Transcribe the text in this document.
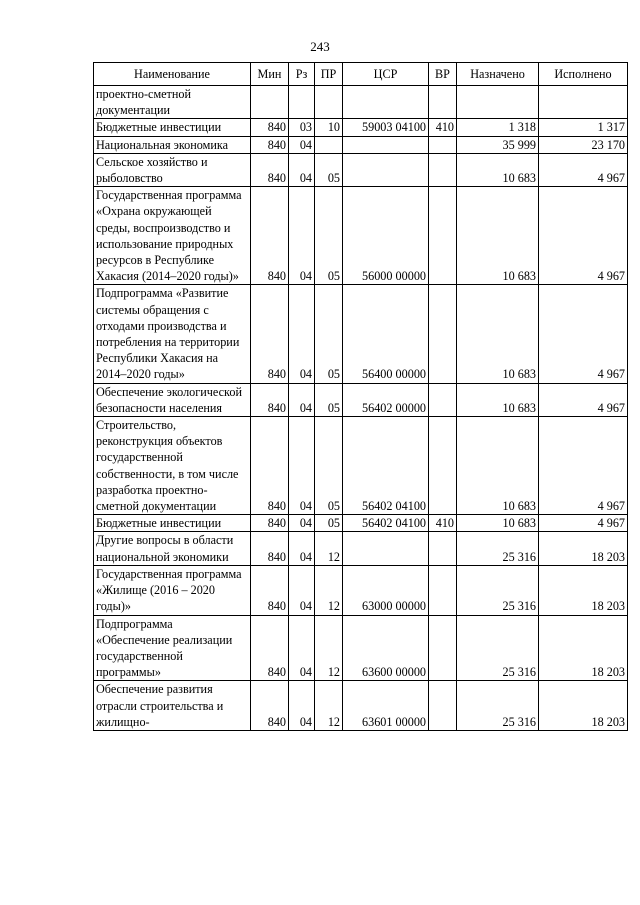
243
Наименование	Мин	Рз	ПР	ЦСР	ВР	Назначено	Исполнено
проектно-сметной документации							
Бюджетные инвестиции	840	03	10	59003 04100	410	1 318	1 317
Национальная экономика	840	04				35 999	23 170
Сельское хозяйство и рыболовство	840	04	05			10 683	4 967
Государственная программа «Охрана окружающей среды, воспроизводство и использование природных ресурсов в Республике Хакасия (2014–2020 годы)»	840	04	05	56000 00000		10 683	4 967
Подпрограмма «Развитие системы обращения с отходами производства и потребления на территории Республики Хакасия на 2014–2020 годы»	840	04	05	56400 00000		10 683	4 967
Обеспечение экологической безопасности населения	840	04	05	56402 00000		10 683	4 967
Строительство, реконструкция объектов государственной собственности, в том числе разработка проектно-сметной документации	840	04	05	56402 04100		10 683	4 967
Бюджетные инвестиции	840	04	05	56402 04100	410	10 683	4 967
Другие вопросы в области национальной экономики	840	04	12			25 316	18 203
Государственная программа «Жилище (2016 – 2020 годы)»	840	04	12	63000 00000		25 316	18 203
Подпрограмма «Обеспечение реализации государственной программы»	840	04	12	63600 00000		25 316	18 203
Обеспечение развития отрасли строительства и жилищно-	840	04	12	63601 00000		25 316	18 203
